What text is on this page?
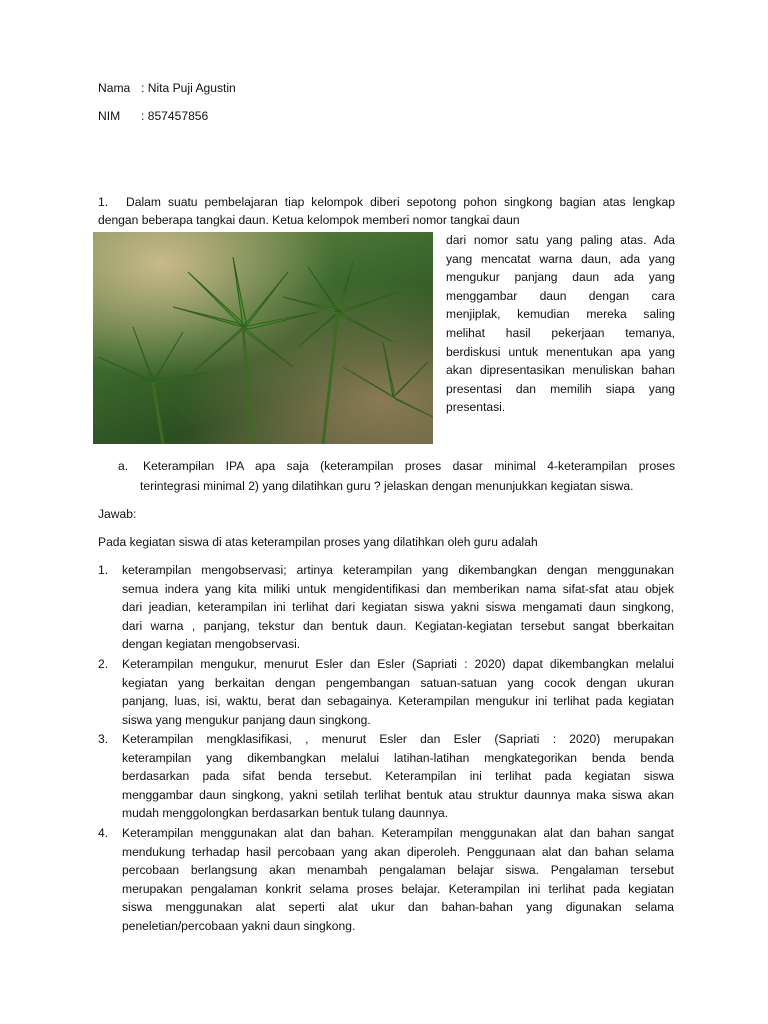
Nama : Nita Puji Agustin
NIM : 857457856
1. Dalam suatu pembelajaran tiap kelompok diberi sepotong pohon singkong bagian atas lengkap
dengan beberapa tangkai daun. Ketua kelompok memberi nomor tangkai daun
dari nomor satu yang paling atas. Ada
yang mencatat warna daun, ada yang
mengukur panjang daun ada yang
menggambar daun dengan cara
menjiplak, kemudian mereka saling
melihat hasil pekerjaan temanya,
berdiskusi untuk menentukan apa yang
akan dipresentasikan menuliskan bahan
presentasi dan memilih siapa yang
presentasi.
a. Keterampilan IPA apa saja (keterampilan proses dasar minimal 4-keterampilan proses
terintegrasi minimal 2) yang dilatihkan guru ? jelaskan dengan menunjukkan kegiatan siswa.
Jawab:
Pada kegiatan siswa di atas keterampilan proses yang dilatihkan oleh guru adalah
1. keterampilan mengobservasi; artinya keterampilan yang dikembangkan dengan menggunakan
semua indera yang kita miliki untuk mengidentifikasi dan memberikan nama sifat-sfat atau objek
dari jeadian, keterampilan ini terlihat dari kegiatan siswa yakni siswa mengamati daun singkong,
dari warna , panjang, tekstur dan bentuk daun. Kegiatan-kegiatan tersebut sangat bberkaitan
dengan kegiatan mengobservasi.
2. Keterampilan mengukur, menurut Esler dan Esler (Sapriati : 2020) dapat dikembangkan melalui
kegiatan yang berkaitan dengan pengembangan satuan-satuan yang cocok dengan ukuran
panjang, luas, isi, waktu, berat dan sebagainya. Keterampilan mengukur ini terlihat pada kegiatan
siswa yang mengukur panjang daun singkong.
3. Keterampilan mengklasifikasi, , menurut Esler dan Esler (Sapriati : 2020) merupakan
keterampilan yang dikembangkan melalui latihan-latihan mengkategorikan benda benda
berdasarkan pada sifat benda tersebut. Keterampilan ini terlihat pada kegiatan siswa
menggambar daun singkong, yakni setilah terlihat bentuk atau struktur daunnya maka siswa akan
mudah menggolongkan berdasarkan bentuk tulang daunnya.
4. Keterampilan menggunakan alat dan bahan. Keterampilan menggunakan alat dan bahan sangat
mendukung terhadap hasil percobaan yang akan diperoleh. Penggunaan alat dan bahan selama
percobaan berlangsung akan menambah pengalaman belajar siswa. Pengalaman tersebut
merupakan pengalaman konkrit selama proses belajar. Keterampilan ini terlihat pada kegiatan
siswa menggunakan alat seperti alat ukur dan bahan-bahan yang digunakan selama
peneletian/percobaan yakni daun singkong.
